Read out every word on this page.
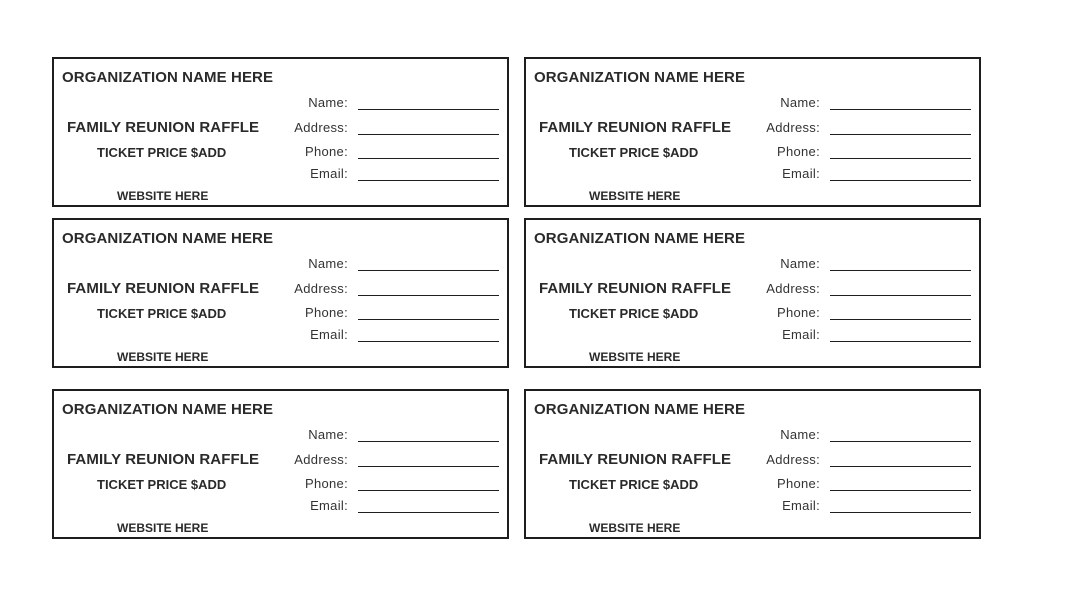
ORGANIZATION NAME HERE
Name:
FAMILY REUNION RAFFLE	Address:
TICKET PRICE $ADD	Phone:
Email:
WEBSITE HERE
ORGANIZATION NAME HERE
Name:
FAMILY REUNION RAFFLE	Address:
TICKET PRICE $ADD	Phone:
Email:
WEBSITE HERE
ORGANIZATION NAME HERE
Name:
FAMILY REUNION RAFFLE	Address:
TICKET PRICE $ADD	Phone:
Email:
WEBSITE HERE
ORGANIZATION NAME HERE
Name:
FAMILY REUNION RAFFLE	Address:
TICKET PRICE $ADD	Phone:
Email:
WEBSITE HERE
ORGANIZATION NAME HERE
Name:
FAMILY REUNION RAFFLE	Address:
TICKET PRICE $ADD	Phone:
Email:
WEBSITE HERE
ORGANIZATION NAME HERE
Name:
FAMILY REUNION RAFFLE	Address:
TICKET PRICE $ADD	Phone:
Email:
WEBSITE HERE
